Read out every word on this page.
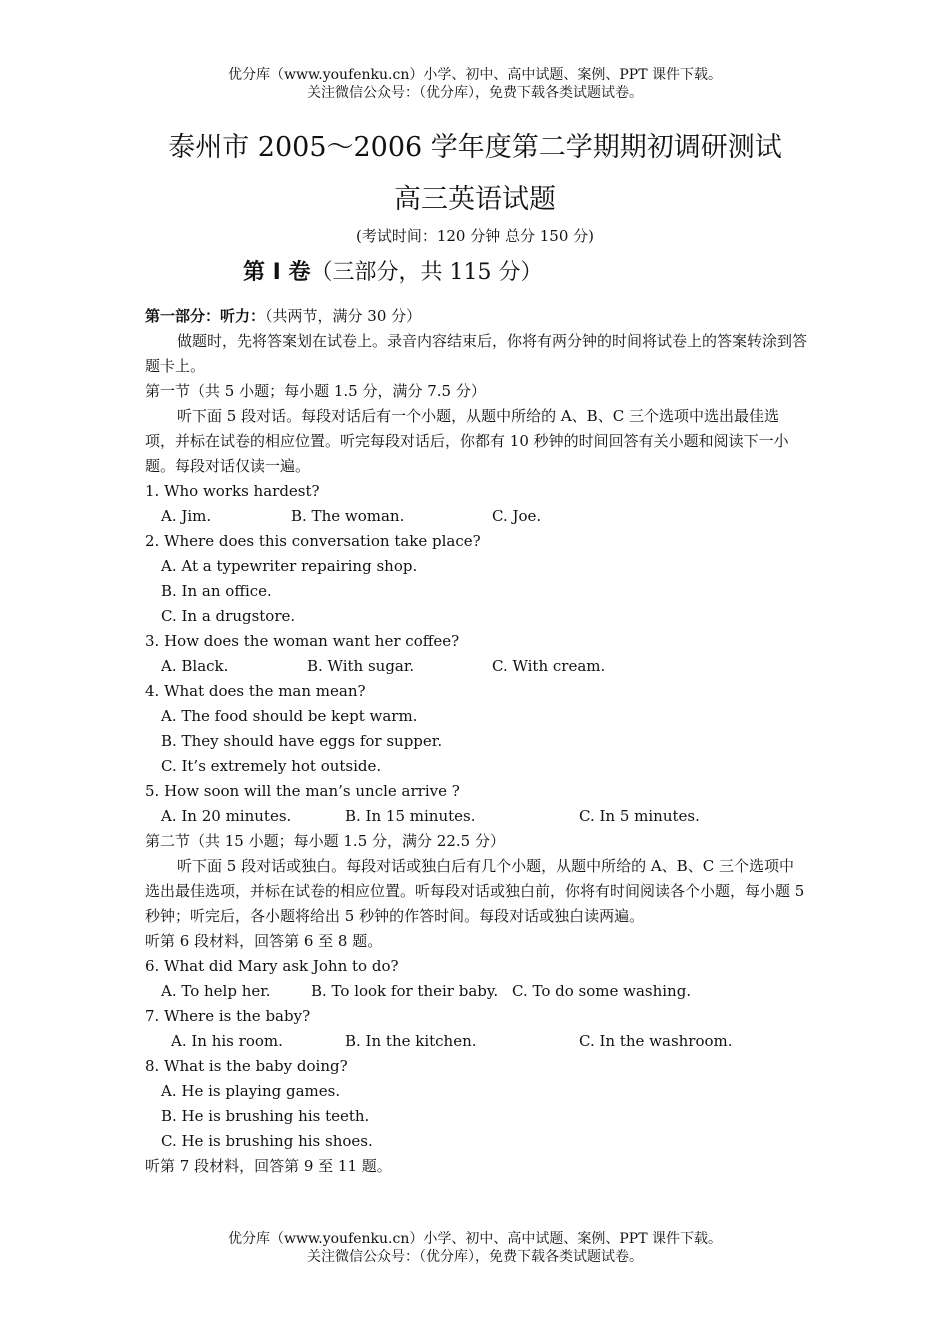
优分库（www.youfenku.cn）小学、初中、高中试题、案例、PPT 课件下载。
关注微信公众号：（优分库），免费下载各类试题试卷。
泰州市 2005～2006 学年度第二学期期初调研测试
高三英语试题
(考试时间：120 分钟 总分 150 分)
第 I 卷（三部分，共 115 分）

第一部分：听力：（共两节，满分 30 分）

做题时，先将答案划在试卷上。录音内容结束后，你将有两分钟的时间将试卷上的答案转涂到答题卡上。

第一节（共 5 小题；每小题 1.5 分，满分 7.5 分）

听下面 5 段对话。每段对话后有一个小题，从题中所给的 A、B、C 三个选项中选出最佳选项，并标在试卷的相应位置。听完每段对话后，你都有 10 秒钟的时间回答有关小题和阅读下一小题。每段对话仅读一遍。

1. Who works hardest?

A. Jim.	B. The woman.	C. Joe.

2. Where does this conversation take place?

A. At a typewriter repairing shop.

B. In an office.

C. In a drugstore.

3. How does the woman want her coffee?

A. Black.	B. With sugar.	C. With cream.

4. What does the man mean?

A. The food should be kept warm.

B. They should have eggs for supper.

C. It’s extremely hot outside.

5. How soon will the man’s uncle arrive ?

A. In 20 minutes.	B. In 15 minutes.	C. In 5 minutes.

第二节（共 15 小题；每小题 1.5 分，满分 22.5 分）

听下面 5 段对话或独白。每段对话或独白后有几个小题，从题中所给的 A、B、C 三个选项中选出最佳选项，并标在试卷的相应位置。听每段对话或独白前，你将有时间阅读各个小题，每小题 5 秒钟；听完后，各小题将给出 5 秒钟的作答时间。每段对话或独白读两遍。

听第 6 段材料，回答第 6 至 8 题。

6. What did Mary ask John to do?

A. To help her.	B. To look for their baby. C. To do some washing.

7. Where is the baby?

A. In his room.	B. In the kitchen.	C. In the washroom.

8. What is the baby doing?

A. He is playing games.

B. He is brushing his teeth.

C. He is brushing his shoes.

听第 7 段材料，回答第 9 至 11 题。

优分库（www.youfenku.cn）小学、初中、高中试题、案例、PPT 课件下载。
关注微信公众号：（优分库），免费下载各类试题试卷。
